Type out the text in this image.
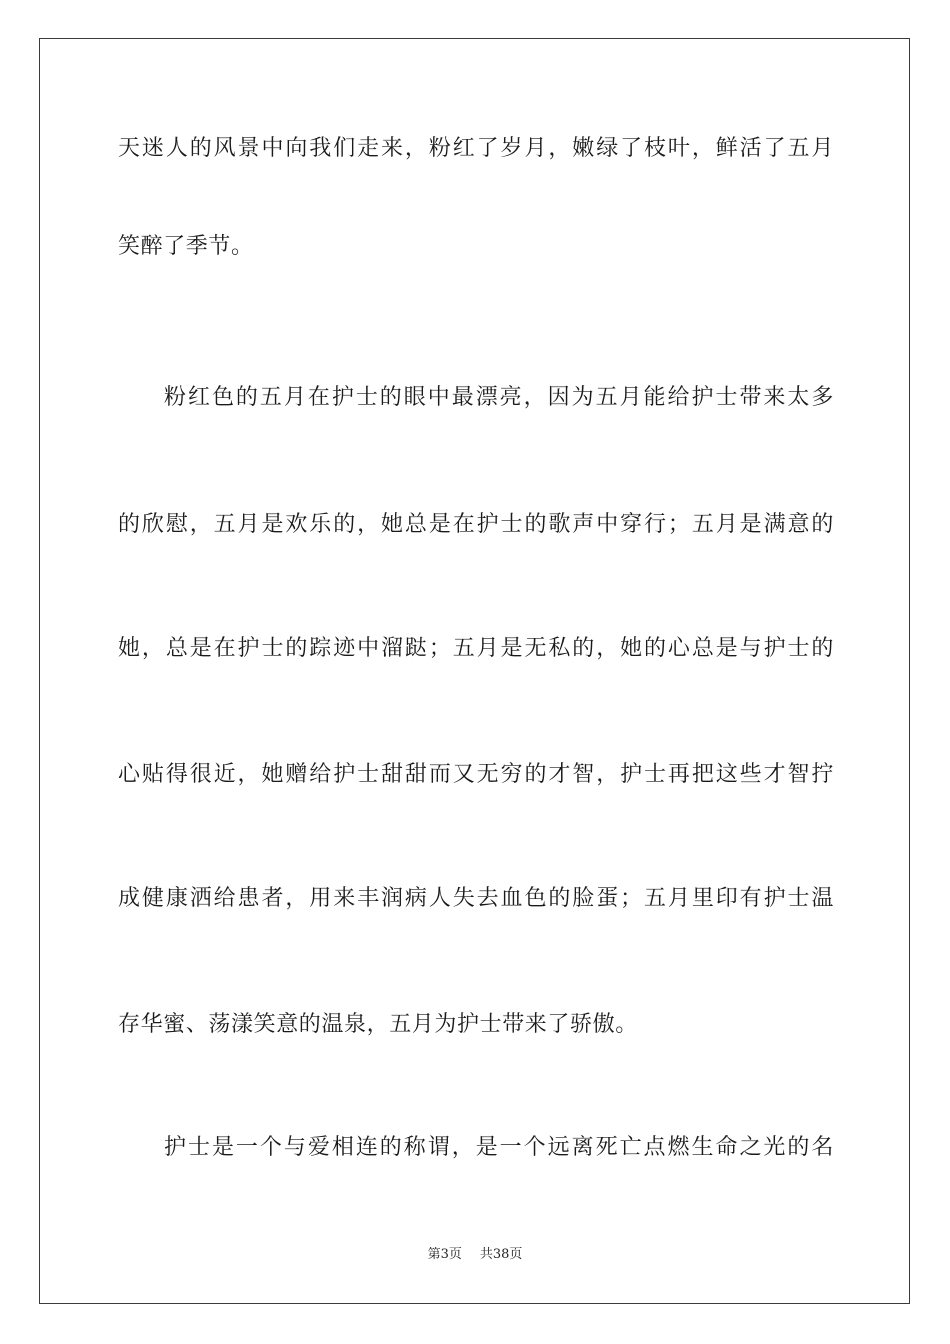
天迷人的风景中向我们走来，粉红了岁月，嫩绿了枝叶，鲜活了五月
笑醉了季节。
粉红色的五月在护士的眼中最漂亮，因为五月能给护士带来太多
的欣慰，五月是欢乐的，她总是在护士的歌声中穿行；五月是满意的
她，总是在护士的踪迹中溜跶；五月是无私的，她的心总是与护士的
心贴得很近，她赠给护士甜甜而又无穷的才智，护士再把这些才智拧
成健康洒给患者，用来丰润病人失去血色的脸蛋；五月里印有护士温
存华蜜、荡漾笑意的温泉，五月为护士带来了骄傲。
护士是一个与爱相连的称谓，是一个远离死亡点燃生命之光的名
第3页 共38页
